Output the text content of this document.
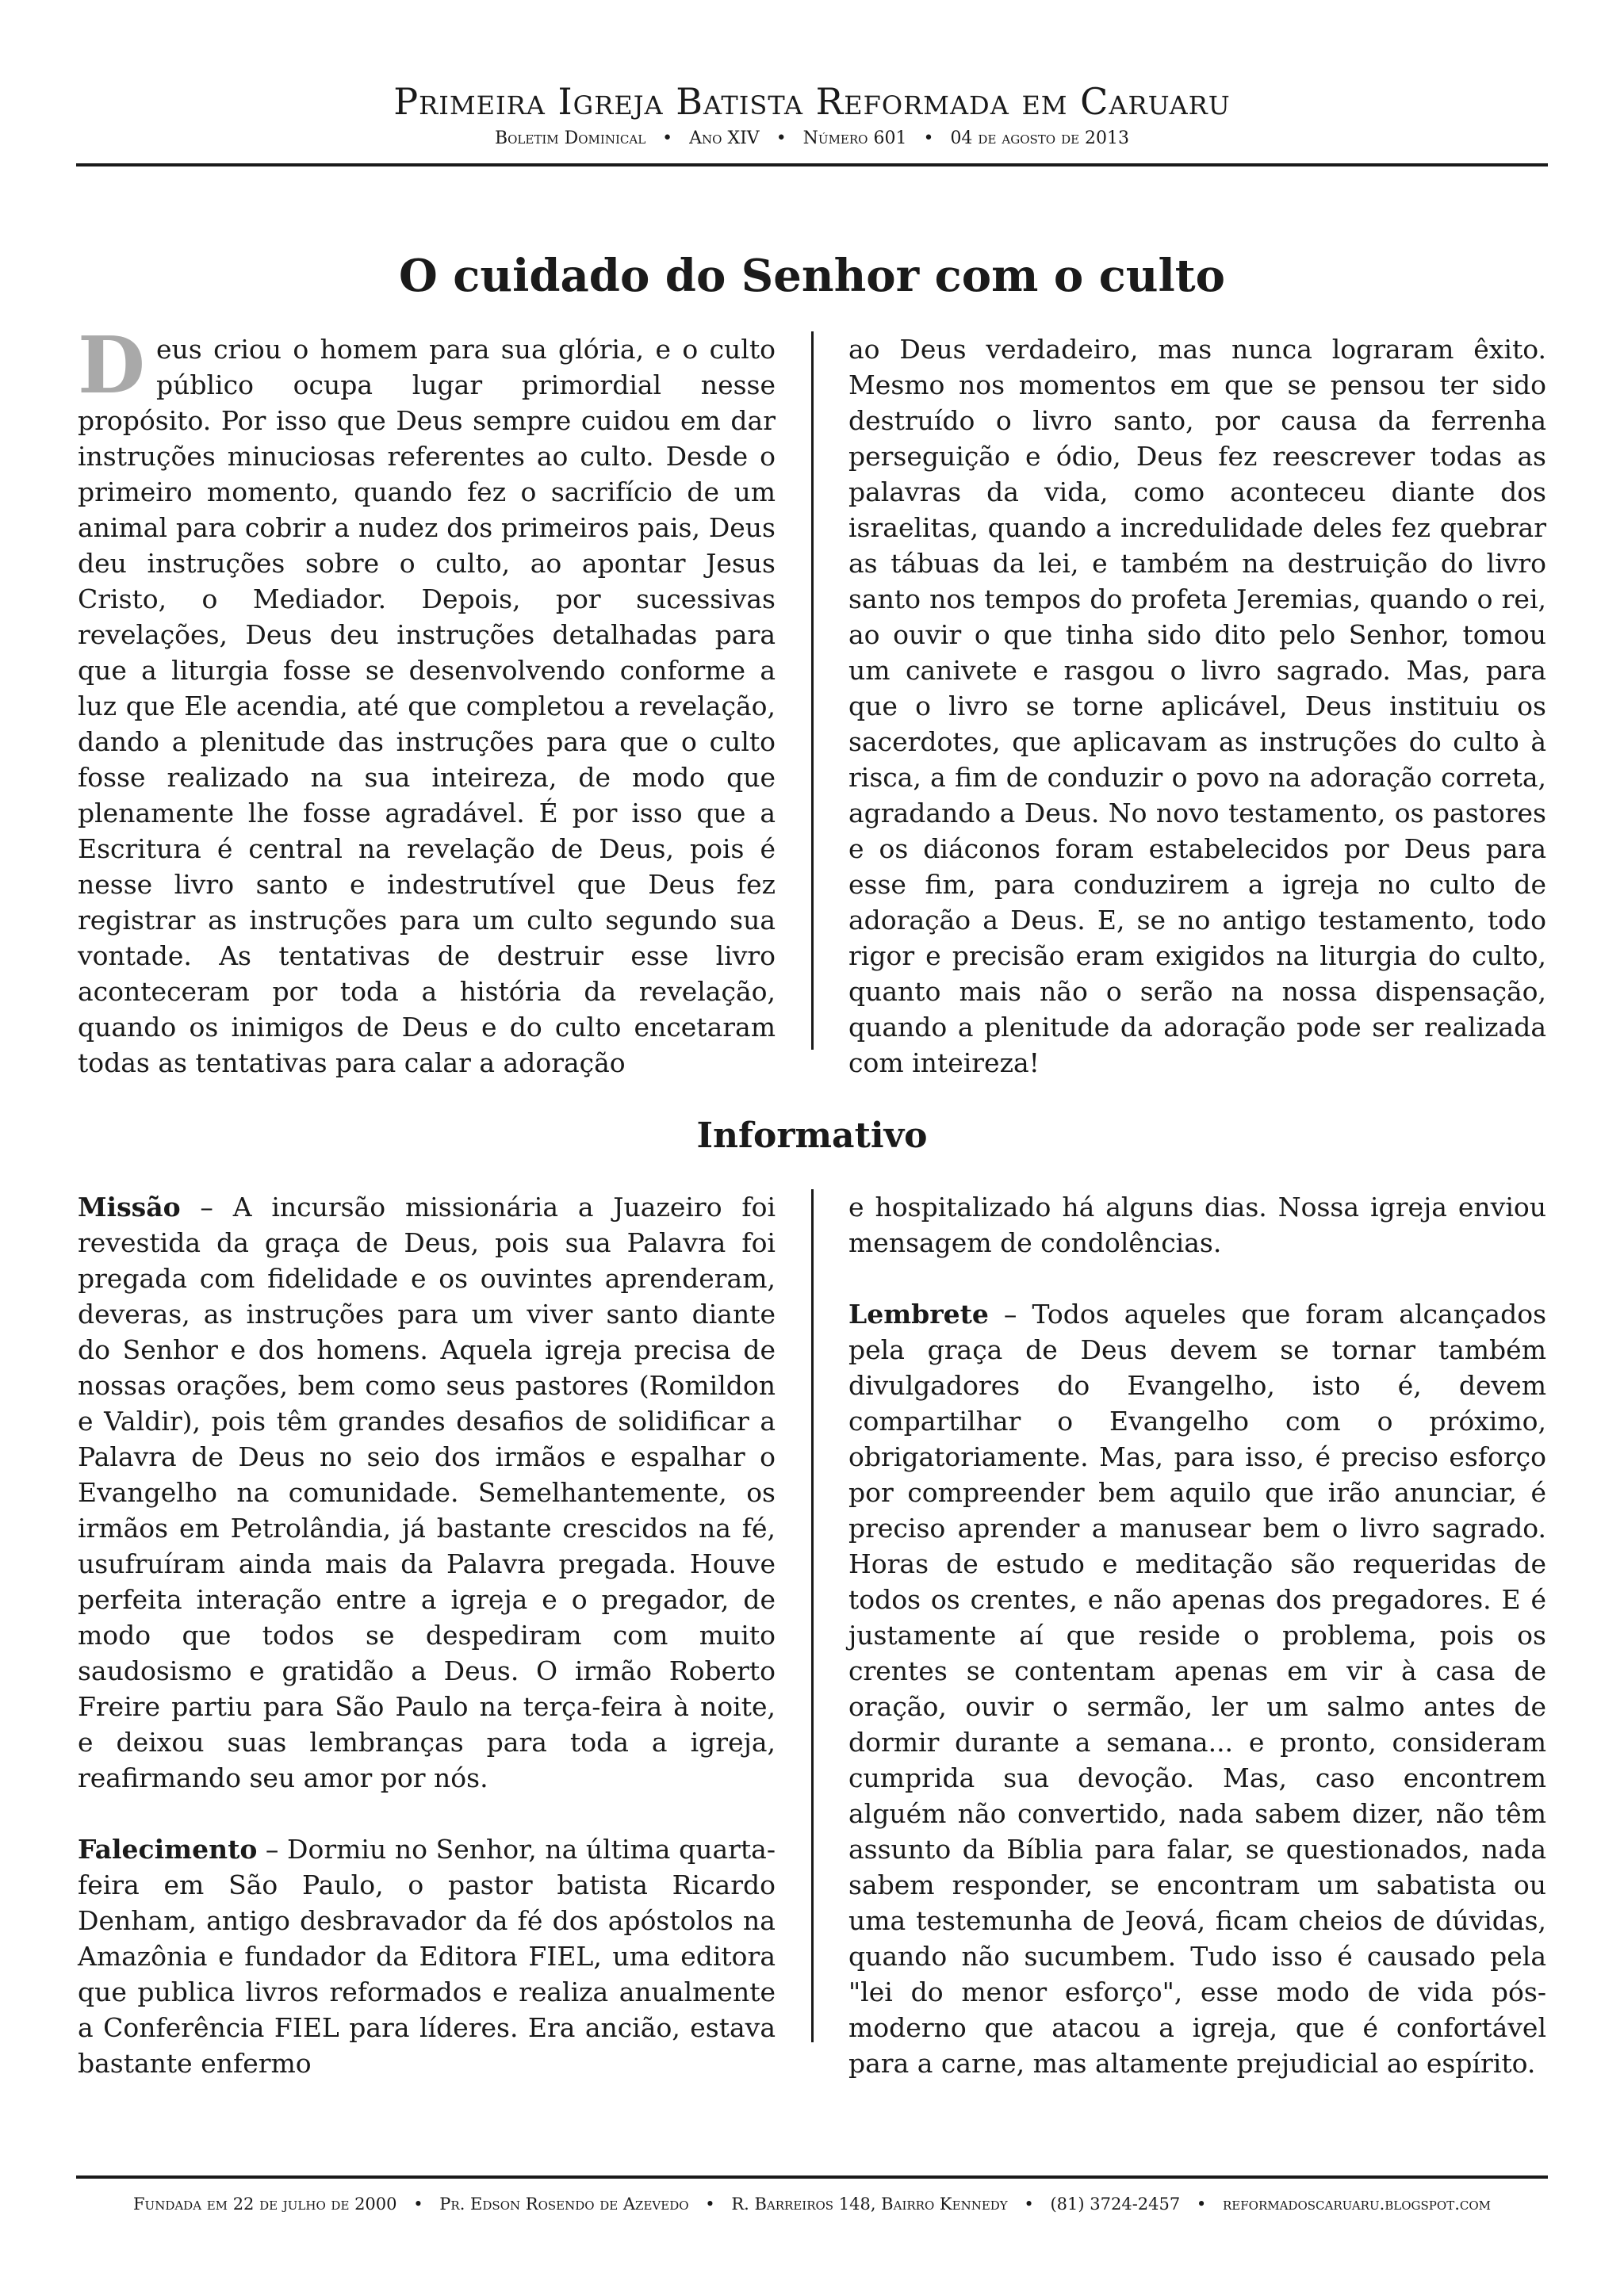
Primeira Igreja Batista Reformada em Caruaru
Boletim Dominical • Ano XIV • Número 601 • 04 de agosto de 2013
O cuidado do Senhor com o culto

Deus criou o homem para sua glória, e o culto público ocupa lugar primordial nesse propósito. Por isso que Deus sempre cuidou em dar instruções minuciosas referentes ao culto. Desde o primeiro momento, quando fez o sacrifício de um animal para cobrir a nudez dos primeiros pais, Deus deu instruções sobre o culto, ao apontar Jesus Cristo, o Mediador. Depois, por sucessivas revelações, Deus deu instruções detalhadas para que a liturgia fosse se desenvolvendo conforme a luz que Ele acendia, até que completou a revelação, dando a plenitude das instruções para que o culto fosse realizado na sua inteireza, de modo que plenamente lhe fosse agradável. É por isso que a Escritura é central na revelação de Deus, pois é nesse livro santo e indestrutível que Deus fez registrar as instruções para um culto segundo sua vontade. As tentativas de destruir esse livro aconteceram por toda a história da revelação, quando os inimigos de Deus e do culto encetaram todas as tentativas para calar a adoração

ao Deus verdadeiro, mas nunca lograram êxito. Mesmo nos momentos em que se pensou ter sido destruído o livro santo, por causa da ferrenha perseguição e ódio, Deus fez reescrever todas as palavras da vida, como aconteceu diante dos israelitas, quando a incredulidade deles fez quebrar as tábuas da lei, e também na destruição do livro santo nos tempos do profeta Jeremias, quando o rei, ao ouvir o que tinha sido dito pelo Senhor, tomou um canivete e rasgou o livro sagrado. Mas, para que o livro se torne aplicável, Deus instituiu os sacerdotes, que aplicavam as instruções do culto à risca, a fim de conduzir o povo na adoração correta, agradando a Deus. No novo testamento, os pastores e os diáconos foram estabelecidos por Deus para esse fim, para conduzirem a igreja no culto de adoração a Deus. E, se no antigo testamento, todo rigor e precisão eram exigidos na liturgia do culto, quanto mais não o serão na nossa dispensação, quando a plenitude da adoração pode ser realizada com inteireza!

Informativo

Missão – A incursão missionária a Juazeiro foi revestida da graça de Deus, pois sua Palavra foi pregada com fidelidade e os ouvintes aprenderam, deveras, as instruções para um viver santo diante do Senhor e dos homens. Aquela igreja precisa de nossas orações, bem como seus pastores (Romildon e Valdir), pois têm grandes desafios de solidificar a Palavra de Deus no seio dos irmãos e espalhar o Evangelho na comunidade. Semelhantemente, os irmãos em Petrolândia, já bastante crescidos na fé, usufruíram ainda mais da Palavra pregada. Houve perfeita interação entre a igreja e o pregador, de modo que todos se despediram com muito saudosismo e gratidão a Deus. O irmão Roberto Freire partiu para São Paulo na terça-feira à noite, e deixou suas lembranças para toda a igreja, reafirmando seu amor por nós.

Falecimento – Dormiu no Senhor, na última quarta-feira em São Paulo, o pastor batista Ricardo Denham, antigo desbravador da fé dos apóstolos na Amazônia e fundador da Editora FIEL, uma editora que publica livros reformados e realiza anualmente a Conferência FIEL para líderes. Era ancião, estava bastante enfermo

e hospitalizado há alguns dias. Nossa igreja enviou mensagem de condolências.

Lembrete – Todos aqueles que foram alcançados pela graça de Deus devem se tornar também divulgadores do Evangelho, isto é, devem compartilhar o Evangelho com o próximo, obrigatoriamente. Mas, para isso, é preciso esforço por compreender bem aquilo que irão anunciar, é preciso aprender a manusear bem o livro sagrado. Horas de estudo e meditação são requeridas de todos os crentes, e não apenas dos pregadores. E é justamente aí que reside o problema, pois os crentes se contentam apenas em vir à casa de oração, ouvir o sermão, ler um salmo antes de dormir durante a semana... e pronto, consideram cumprida sua devoção. Mas, caso encontrem alguém não convertido, nada sabem dizer, não têm assunto da Bíblia para falar, se questionados, nada sabem responder, se encontram um sabatista ou uma testemunha de Jeová, ficam cheios de dúvidas, quando não sucumbem. Tudo isso é causado pela "lei do menor esforço", esse modo de vida pós-moderno que atacou a igreja, que é confortável para a carne, mas altamente prejudicial ao espírito.

Fundada em 22 de julho de 2000 • Pr. Edson Rosendo de Azevedo • R. Barreiros 148, Bairro Kennedy • (81) 3724-2457 • reformadoscaruaru.blogspot.com
